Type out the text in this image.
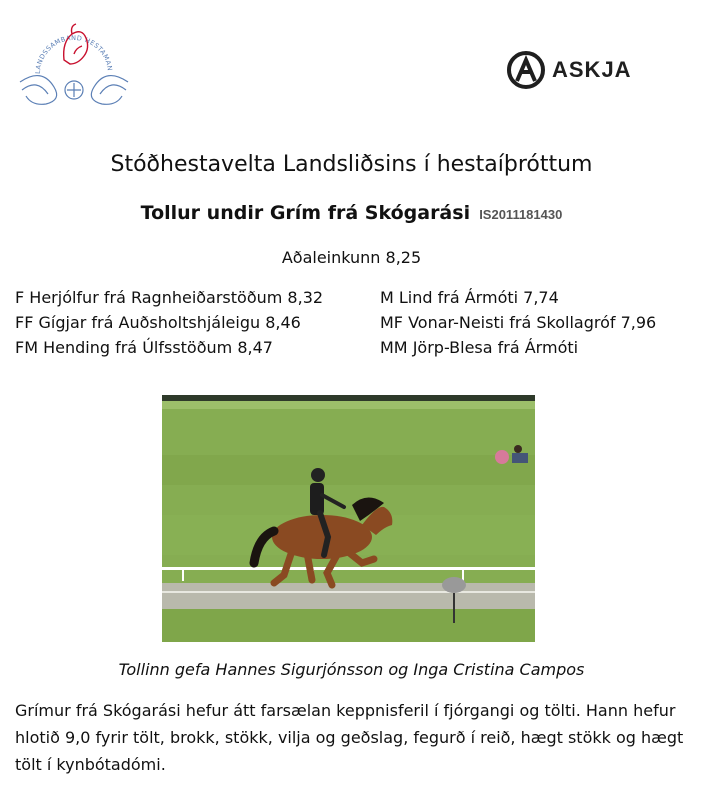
LANDSSAMBAND HESTAMAN	ASKJA
Stóðhestavelta Landsliðsins í hestaíþróttum
Tollur undir Grím frá Skógarási IS2011181430
Aðaleinkunn 8,25
F Herjólfur frá Ragnheiðarstöðum 8,32
FF Gígjar frá Auðsholtshjáleigu 8,46
FM Hending frá Úlfsstöðum 8,47
M Lind frá Ármóti 7,74
MF Vonar-Neisti frá Skollagróf 7,96
MM Jörp-Blesa frá Ármóti
Tollinn gefa Hannes Sigurjónsson og Inga Cristina Campos
Grímur frá Skógarási hefur átt farsælan keppnisferil í fjórgangi og tölti. Hann hefur hlotið 9,0 fyrir tölt, brokk, stökk, vilja og geðslag, fegurð í reið, hægt stökk og hægt tölt í kynbótadómi.
